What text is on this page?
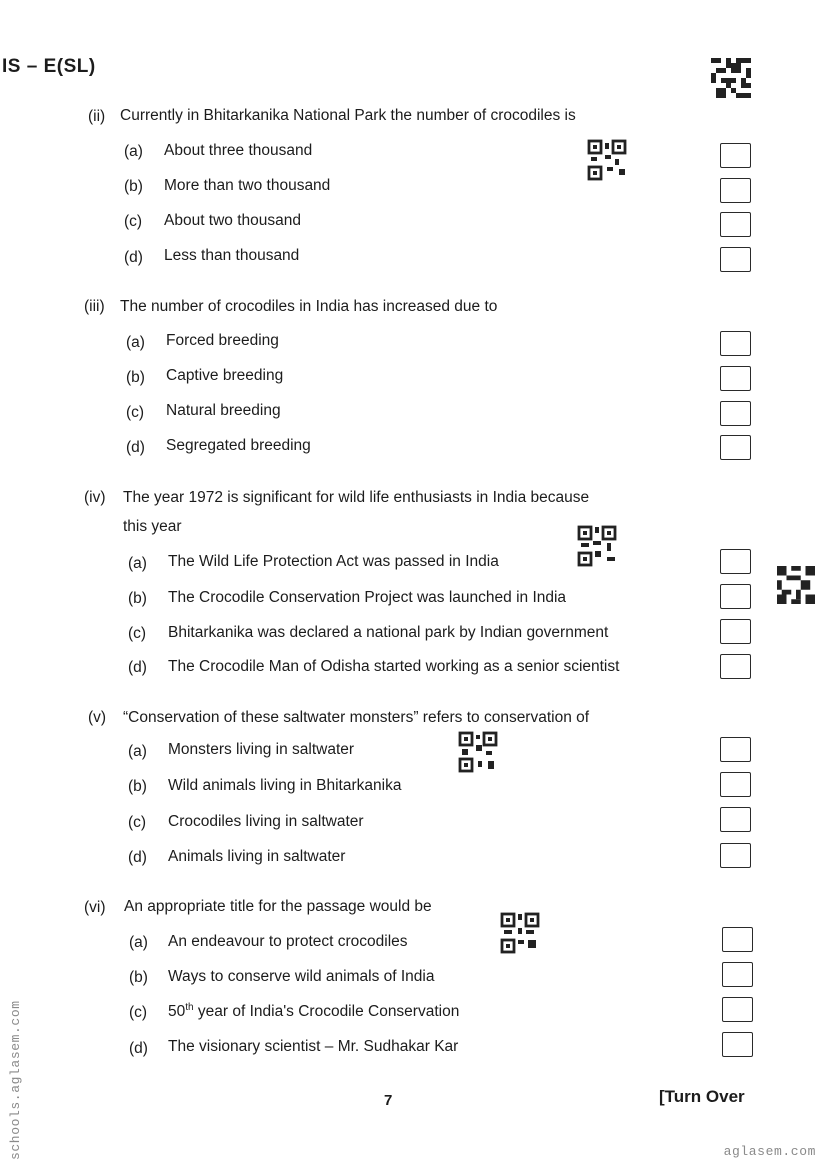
IS – E(SL)
(ii) Currently in Bhitarkanika National Park the number of crocodiles is
(a) About three thousand
(b) More than two thousand
(c) About two thousand
(d) Less than thousand
(iii) The number of crocodiles in India has increased due to
(a) Forced breeding
(b) Captive breeding
(c) Natural breeding
(d) Segregated breeding
(iv) The year 1972 is significant for wild life enthusiasts in India because
this year
(a) The Wild Life Protection Act was passed in India
(b) The Crocodile Conservation Project was launched in India
(c) Bhitarkanika was declared a national park by Indian government
(d) The Crocodile Man of Odisha started working as a senior scientist
(v) “Conservation of these saltwater monsters” refers to conservation of
(a) Monsters living in saltwater
(b) Wild animals living in Bhitarkanika
(c) Crocodiles living in saltwater
(d) Animals living in saltwater
(vi) An appropriate title for the passage would be
(a) An endeavour to protect crocodiles
(b) Ways to conserve wild animals of India
(c) 50th year of India's Crocodile Conservation
(d) The visionary scientist – Mr. Sudhakar Kar
7	[Turn Over
schools.aglasem.com	aglasem.com
